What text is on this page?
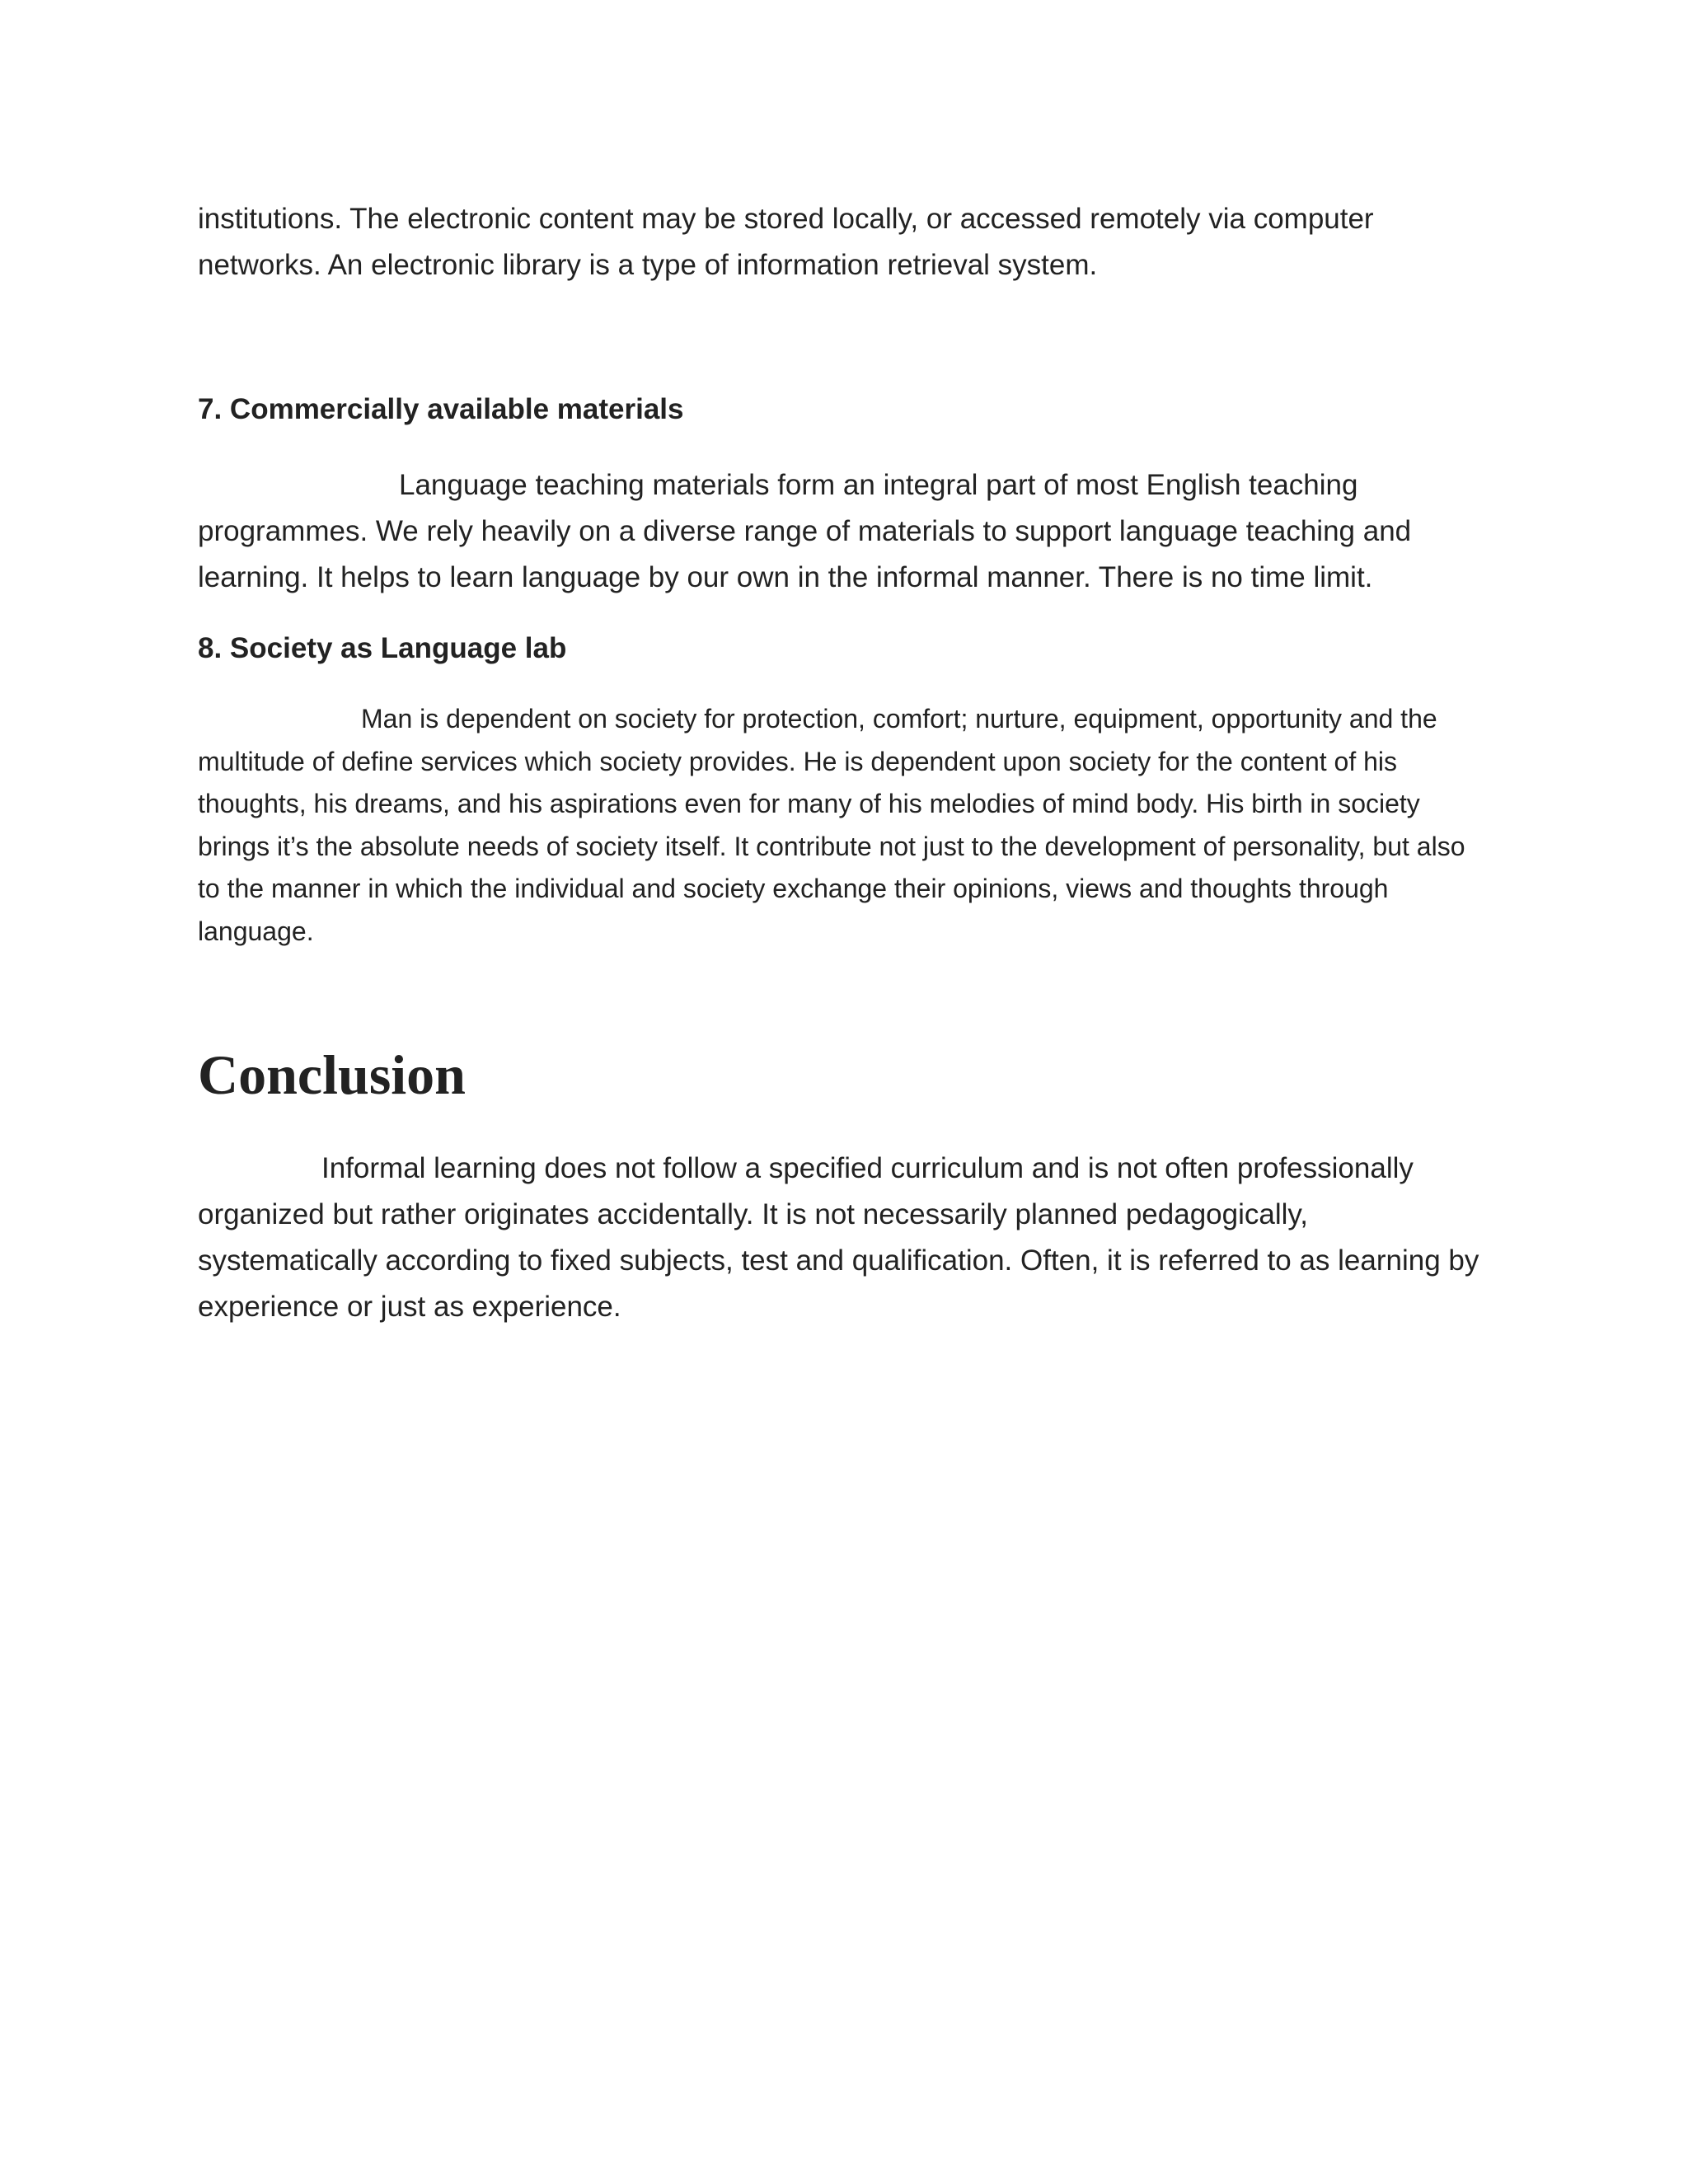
institutions. The electronic content may be stored locally, or accessed remotely via computer networks. An electronic library is a type of information retrieval system.

7. Commercially available materials

Language teaching materials form an integral part of most English teaching programmes. We rely heavily on a diverse range of materials to support language teaching and learning. It helps to learn language by our own in the informal manner. There is no time limit.

8. Society as Language lab

Man is dependent on society for protection, comfort; nurture, equipment, opportunity and the multitude of define services which society provides. He is dependent upon society for the content of his thoughts, his dreams, and his aspirations even for many of his melodies of mind body. His birth in society brings it’s the absolute needs of society itself. It contribute not just to the development of personality, but also to the manner in which the individual and society exchange their opinions, views and thoughts through language.

Conclusion

Informal learning does not follow a specified curriculum and is not often professionally organized but rather originates accidentally. It is not necessarily planned pedagogically, systematically according to fixed subjects, test and qualification. Often, it is referred to as learning by experience or just as experience.
